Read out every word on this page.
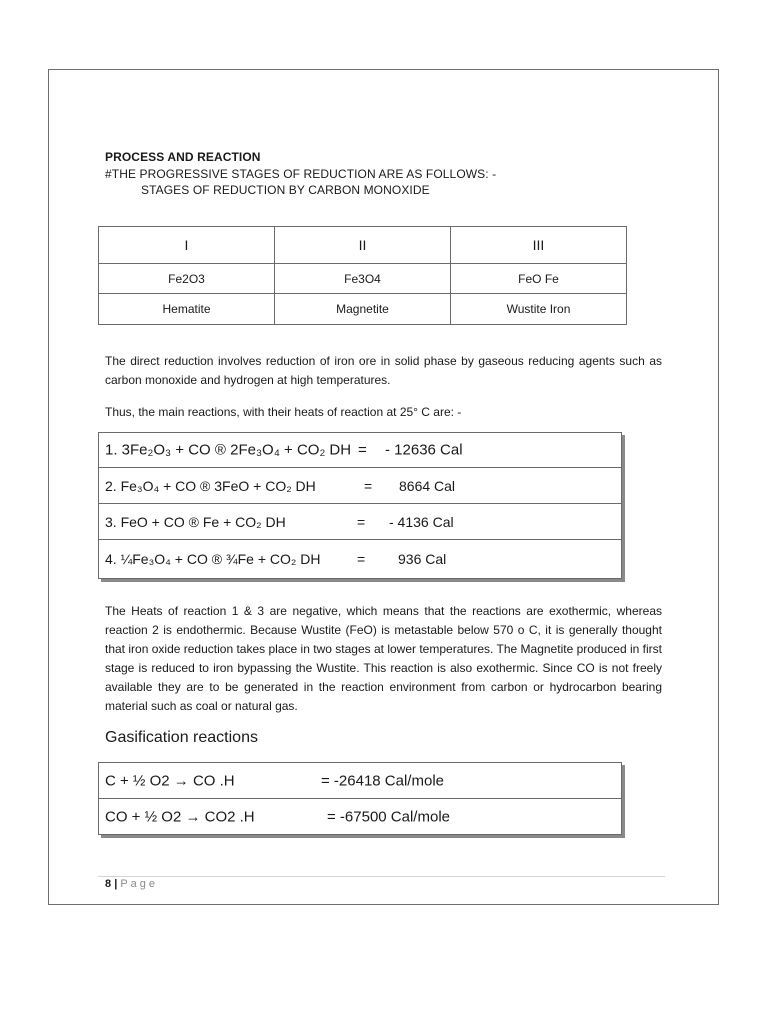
PROCESS AND REACTION
#THE PROGRESSIVE STAGES OF REDUCTION ARE AS FOLLOWS: -
STAGES OF REDUCTION BY CARBON MONOXIDE
I	II	III
Fe2O3	Fe3O4	FeO Fe
Hematite	Magnetite	Wustite Iron
The direct reduction involves reduction of iron ore in solid phase by gaseous reducing agents such as carbon monoxide and hydrogen at high temperatures.
Thus, the main reactions, with their heats of reaction at 25° C are: -
1. 3Fe₂O₃ + CO ® 2Fe₃O₄ + CO₂ DH = - 12636 Cal
2. Fe₃O₄ + CO ® 3FeO + CO₂ DH	= 8664 Cal
3. FeO + CO ® Fe + CO₂ DH	= - 4136 Cal
4. ¼Fe₃O₄ + CO ® ¾Fe + CO₂ DH	= 936 Cal
The Heats of reaction 1 & 3 are negative, which means that the reactions are exothermic, whereas reaction 2 is endothermic. Because Wustite (FeO) is metastable below 570 o C, it is generally thought that iron oxide reduction takes place in two stages at lower temperatures. The Magnetite produced in first stage is reduced to iron bypassing the Wustite. This reaction is also exothermic. Since CO is not freely available they are to be generated in the reaction environment from carbon or hydrocarbon bearing material such as coal or natural gas.
Gasification reactions
C + ½ O2 → CO .H	= -26418 Cal/mole
CO + ½ O2 → CO2 .H	= -67500 Cal/mole
8 | Page
